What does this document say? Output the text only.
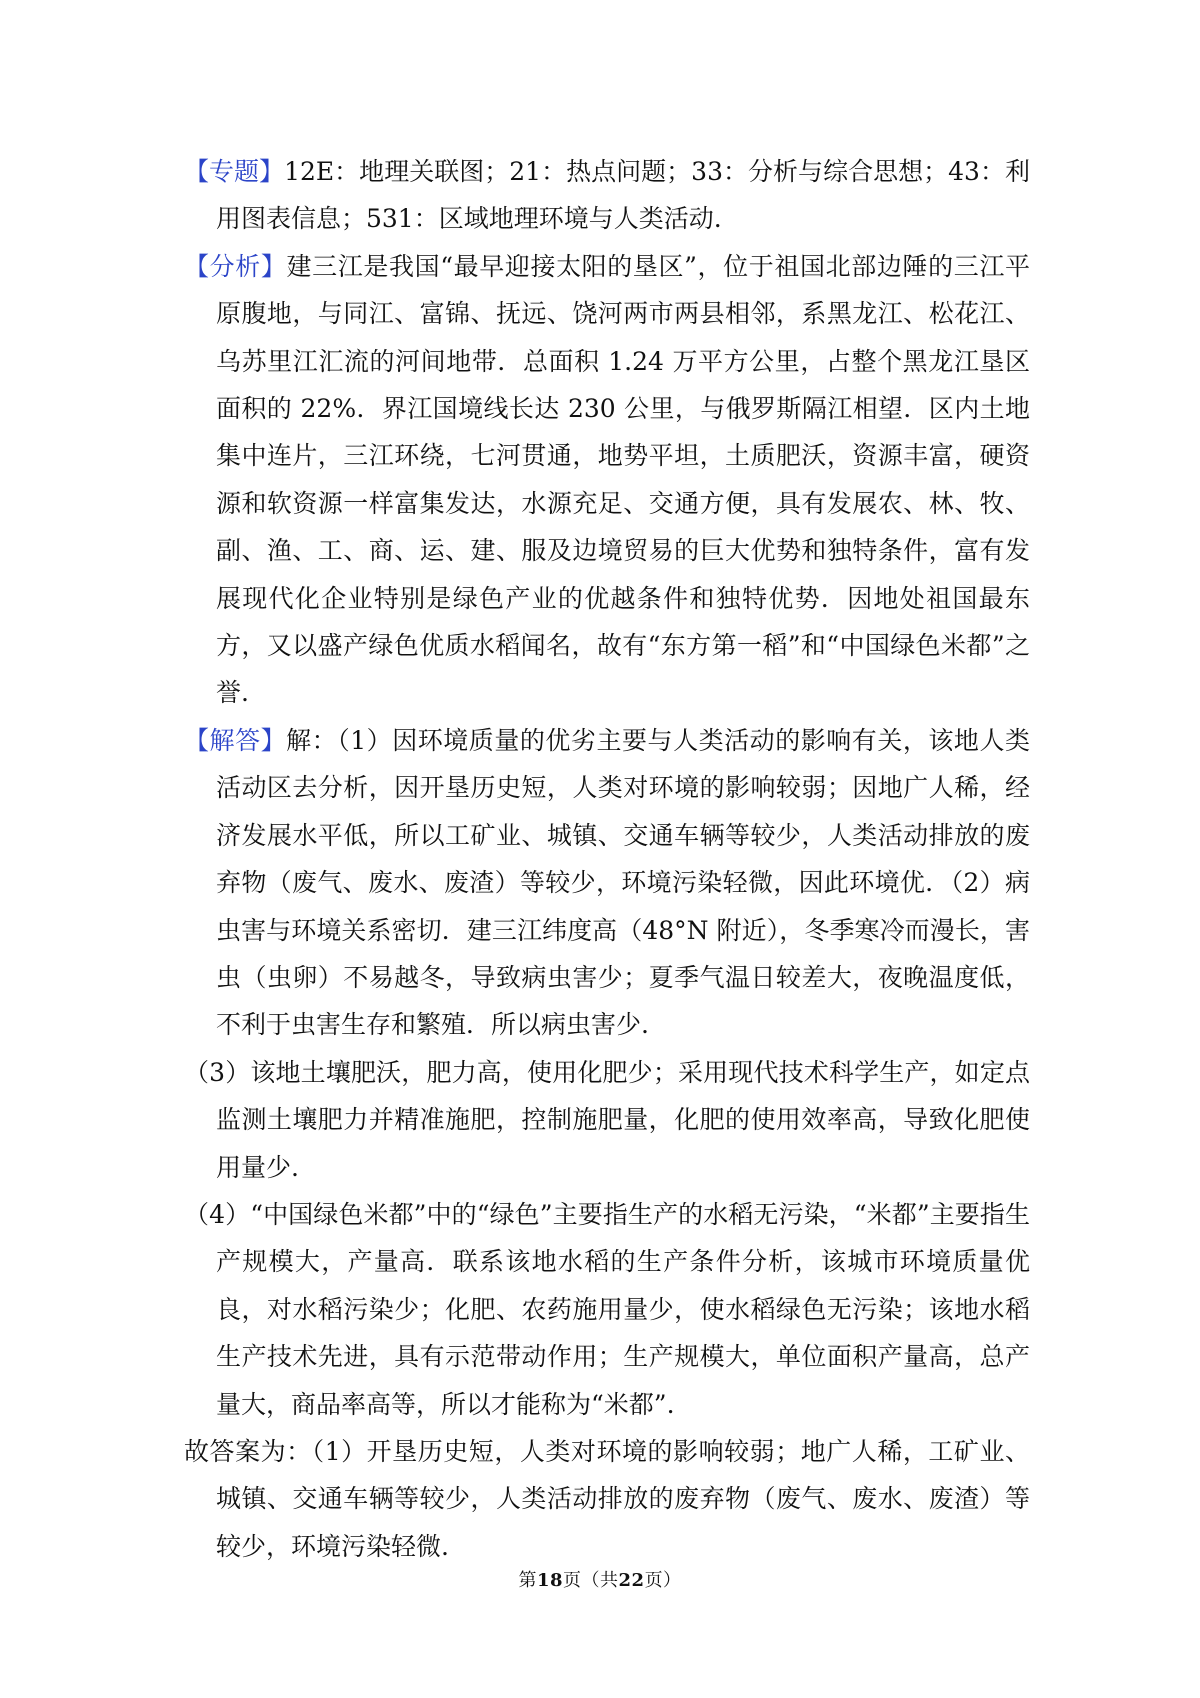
【专题】12E：地理关联图；21：热点问题；33：分析与综合思想；43：利用图表信息；531：区域地理环境与人类活动.

【分析】建三江是我国“最早迎接太阳的垦区”，位于祖国北部边陲的三江平原腹地，与同江、富锦、抚远、饶河两市两县相邻，系黑龙江、松花江、乌苏里江汇流的河间地带．总面积 1.24 万平方公里，占整个黑龙江垦区面积的 22%．界江国境线长达 230 公里，与俄罗斯隔江相望．区内土地集中连片，三江环绕，七河贯通，地势平坦，土质肥沃，资源丰富，硬资源和软资源一样富集发达，水源充足、交通方便，具有发展农、林、牧、副、渔、工、商、运、建、服及边境贸易的巨大优势和独特条件，富有发展现代化企业特别是绿色产业的优越条件和独特优势．因地处祖国最东方，又以盛产绿色优质水稻闻名，故有“东方第一稻”和“中国绿色米都”之誉.

【解答】解：（1）因环境质量的优劣主要与人类活动的影响有关，该地人类活动区去分析，因开垦历史短，人类对环境的影响较弱；因地广人稀，经济发展水平低，所以工矿业、城镇、交通车辆等较少，人类活动排放的废弃物（废气、废水、废渣）等较少，环境污染轻微，因此环境优．（2）病虫害与环境关系密切．建三江纬度高（48°N 附近），冬季寒冷而漫长，害虫（虫卵）不易越冬，导致病虫害少；夏季气温日较差大，夜晚温度低，不利于虫害生存和繁殖．所以病虫害少.

（3）该地土壤肥沃，肥力高，使用化肥少；采用现代技术科学生产，如定点监测土壤肥力并精准施肥，控制施肥量，化肥的使用效率高，导致化肥使用量少.

（4）“中国绿色米都”中的“绿色”主要指生产的水稻无污染，“米都”主要指生产规模大，产量高．联系该地水稻的生产条件分析，该城市环境质量优良，对水稻污染少；化肥、农药施用量少，使水稻绿色无污染；该地水稻生产技术先进，具有示范带动作用；生产规模大，单位面积产量高，总产量大，商品率高等，所以才能称为“米都”.

故答案为：（1）开垦历史短，人类对环境的影响较弱；地广人稀，工矿业、城镇、交通车辆等较少，人类活动排放的废弃物（废气、废水、废渣）等较少，环境污染轻微.

第18页（共22页）
